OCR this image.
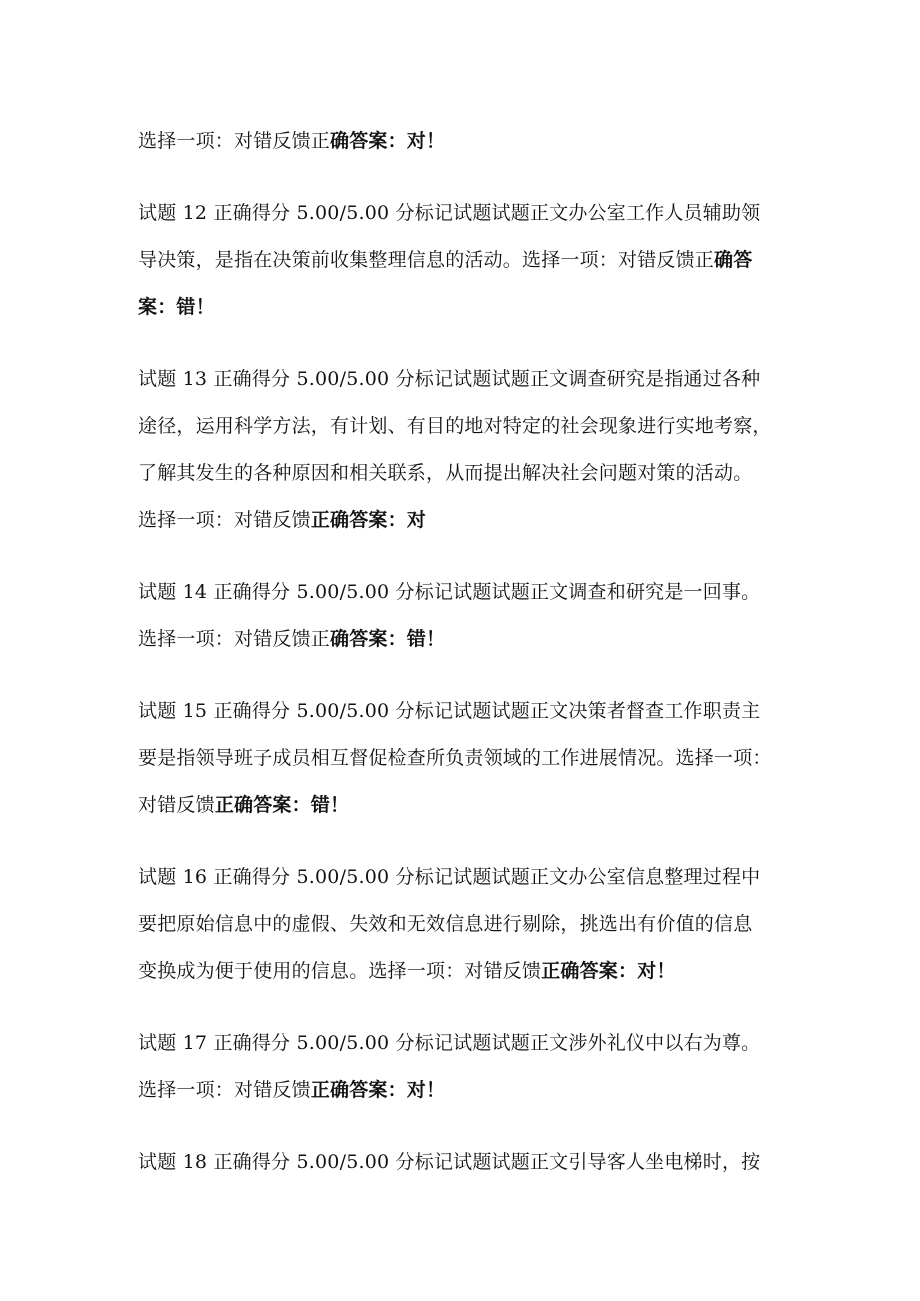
选择一项：对错反馈正确答案：对！
试题 12 正确得分 5.00/5.00 分标记试题试题正文办公室工作人员辅助领
导决策，是指在决策前收集整理信息的活动。选择一项：对错反馈正确答
案：错！
试题 13 正确得分 5.00/5.00 分标记试题试题正文调查研究是指通过各种
途径，运用科学方法，有计划、有目的地对特定的社会现象进行实地考察，
了解其发生的各种原因和相关联系，从而提出解决社会问题对策的活动。
选择一项：对错反馈正确答案：对
试题 14 正确得分 5.00/5.00 分标记试题试题正文调查和研究是一回事。
选择一项：对错反馈正确答案：错！
试题 15 正确得分 5.00/5.00 分标记试题试题正文决策者督查工作职责主
要是指领导班子成员相互督促检查所负责领域的工作进展情况。选择一项：
对错反馈正确答案：错！
试题 16 正确得分 5.00/5.00 分标记试题试题正文办公室信息整理过程中
要把原始信息中的虚假、失效和无效信息进行剔除，挑选出有价值的信息
变换成为便于使用的信息。选择一项：对错反馈正确答案：对！
试题 17 正确得分 5.00/5.00 分标记试题试题正文涉外礼仪中以右为尊。
选择一项：对错反馈正确答案：对！
试题 18 正确得分 5.00/5.00 分标记试题试题正文引导客人坐电梯时，按
